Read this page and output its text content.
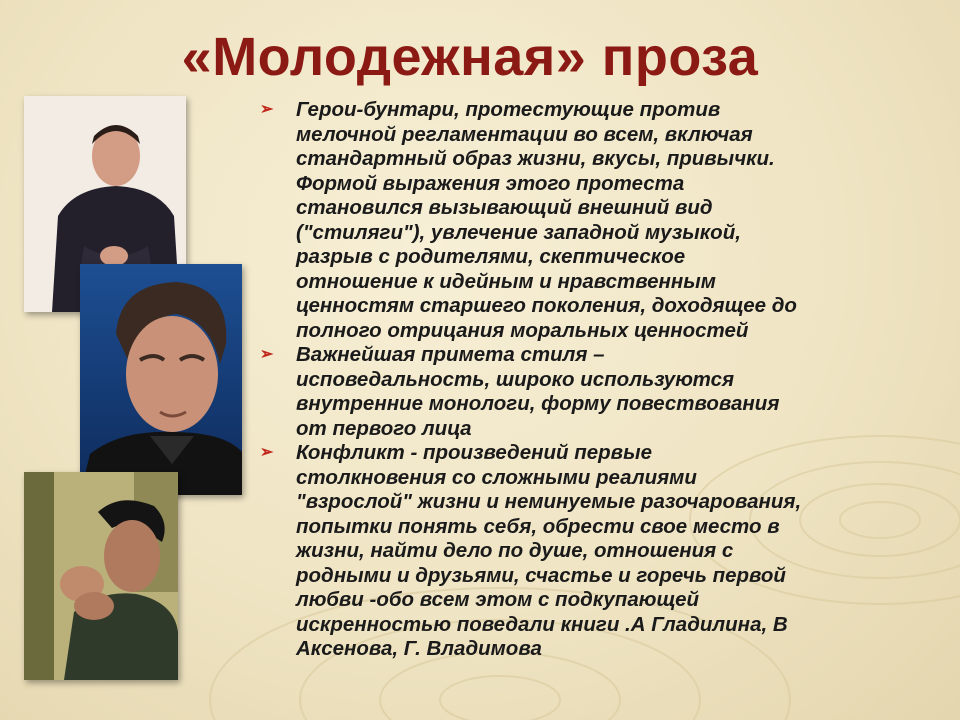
«Молодежная» проза
➢ Герои-бунтари, протестующие против
мелочной регламентации во всем, включая
стандартный образ жизни, вкусы, привычки.
Формой выражения этого протеста
становился вызывающий внешний вид
("стиляги"), увлечение западной музыкой,
разрыв с родителями, скептическое
отношение к идейным и нравственным
ценностям старшего поколения, доходящее до
полного отрицания моральных ценностей
➢ Важнейшая примета стиля –
исповедальность, широко используются
внутренние монологи, форму повествования
от первого лица
➢ Конфликт - произведений первые
столкновения со сложными реалиями
"взрослой" жизни и неминуемые разочарования,
попытки понять себя, обрести свое место в
жизни, найти дело по душе, отношения с
родными и друзьями, счастье и горечь первой
любви -обо всем этом с подкупающей
искренностью поведали книги .А Гладилина, В
Аксенова, Г. Владимова
